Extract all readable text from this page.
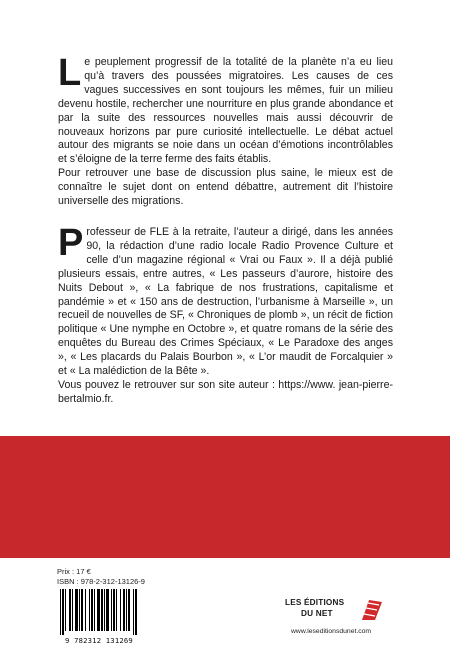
Le peuplement progressif de la totalité de la planète n’a eu lieu qu’à travers des poussées migratoires. Les causes de ces vagues successives en sont toujours les mêmes, fuir un milieu devenu hostile, rechercher une nourriture en plus grande abondance et par la suite des ressources nouvelles mais aussi découvrir de nouveaux horizons par pure curiosité intellectuelle. Le débat actuel autour des migrants se noie dans un océan d’émotions incontrôlables et s’éloigne de la terre ferme des faits établis.

Pour retrouver une base de discussion plus saine, le mieux est de connaître le sujet dont on entend débattre, autrement dit l’histoire universelle des migrations.

Professeur de FLE à la retraite, l’auteur a dirigé, dans les années 90, la rédaction d’une radio locale Radio Provence Culture et celle d’un magazine régional « Vrai ou Faux ». Il a déjà publié plusieurs essais, entre autres, « Les passeurs d’aurore, histoire des Nuits Debout », « La fabrique de nos frustrations, capitalisme et pandémie » et « 150 ans de destruction, l’urbanisme à Marseille », un recueil de nouvelles de SF, « Chroniques de plomb », un récit de fiction politique « Une nymphe en Octobre », et quatre romans de la série des enquêtes du Bureau des Crimes Spéciaux, « Le Paradoxe des anges », « Les placards du Palais Bourbon », « L’or maudit de Forcalquier » et « La malédiction de la Bête ».

Vous pouvez le retrouver sur son site auteur : https://www. jean-pierre-bertalmio.fr.

Prix : 17 €
ISBN : 978-2-312-13126-9
9 782312 131269
LES ÉDITIONS
DU NET
www.leseditionsdunet.com
